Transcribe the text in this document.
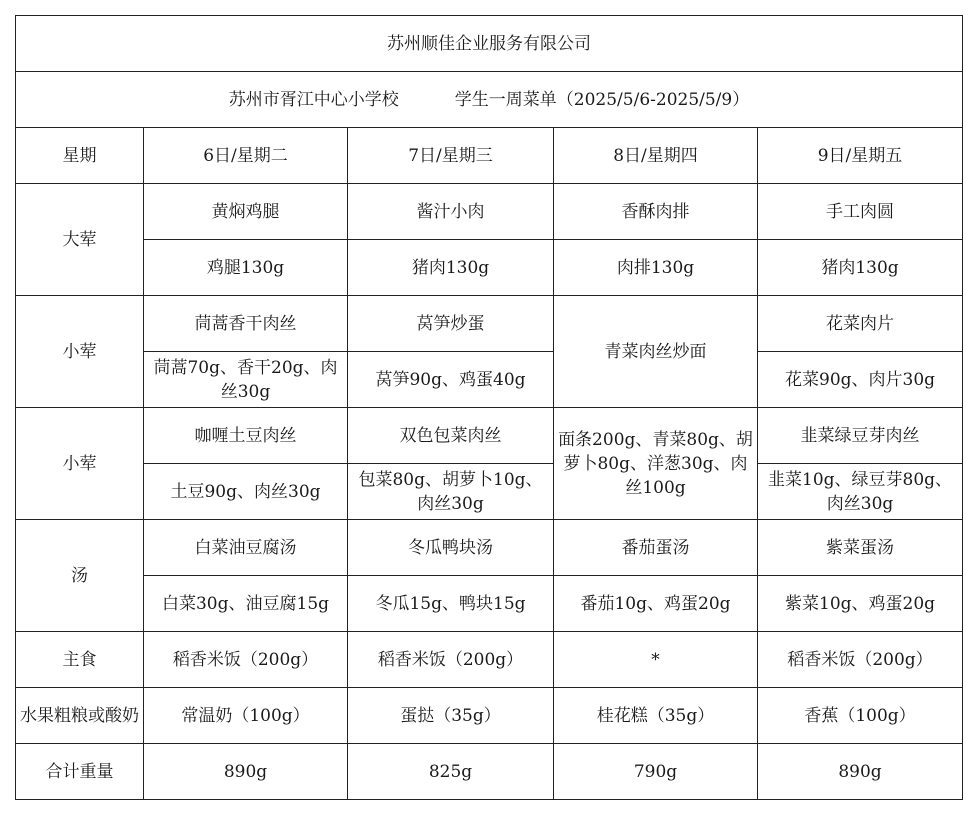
苏州顺佳企业服务有限公司				
苏州市胥江中心小学校 学生一周菜单（2025/5/6-2025/5/9）				
星期	6日/星期二	7日/星期三	8日/星期四	9日/星期五
大荤	黄焖鸡腿	酱汁小肉	香酥肉排	手工肉圆
	鸡腿130g	猪肉130g	肉排130g	猪肉130g
小荤	茼蒿香干肉丝	莴笋炒蛋	青菜肉丝炒面	花菜肉片
	茼蒿70g、香干20g、肉丝30g	莴笋90g、鸡蛋40g		花菜90g、肉片30g
小荤	咖喱土豆肉丝	双色包菜肉丝	面条200g、青菜80g、胡萝卜80g、洋葱30g、肉丝100g	韭菜绿豆芽肉丝
	土豆90g、肉丝30g	包菜80g、胡萝卜10g、肉丝30g		韭菜10g、绿豆芽80g、肉丝30g
汤	白菜油豆腐汤	冬瓜鸭块汤	番茄蛋汤	紫菜蛋汤
	白菜30g、油豆腐15g	冬瓜15g、鸭块15g	番茄10g、鸡蛋20g	紫菜10g、鸡蛋20g
主食	稻香米饭（200g）	稻香米饭（200g）	*	稻香米饭（200g）
水果粗粮或酸奶	常温奶（100g）	蛋挞（35g）	桂花糕（35g）	香蕉（100g）
合计重量	890g	825g	790g	890g
